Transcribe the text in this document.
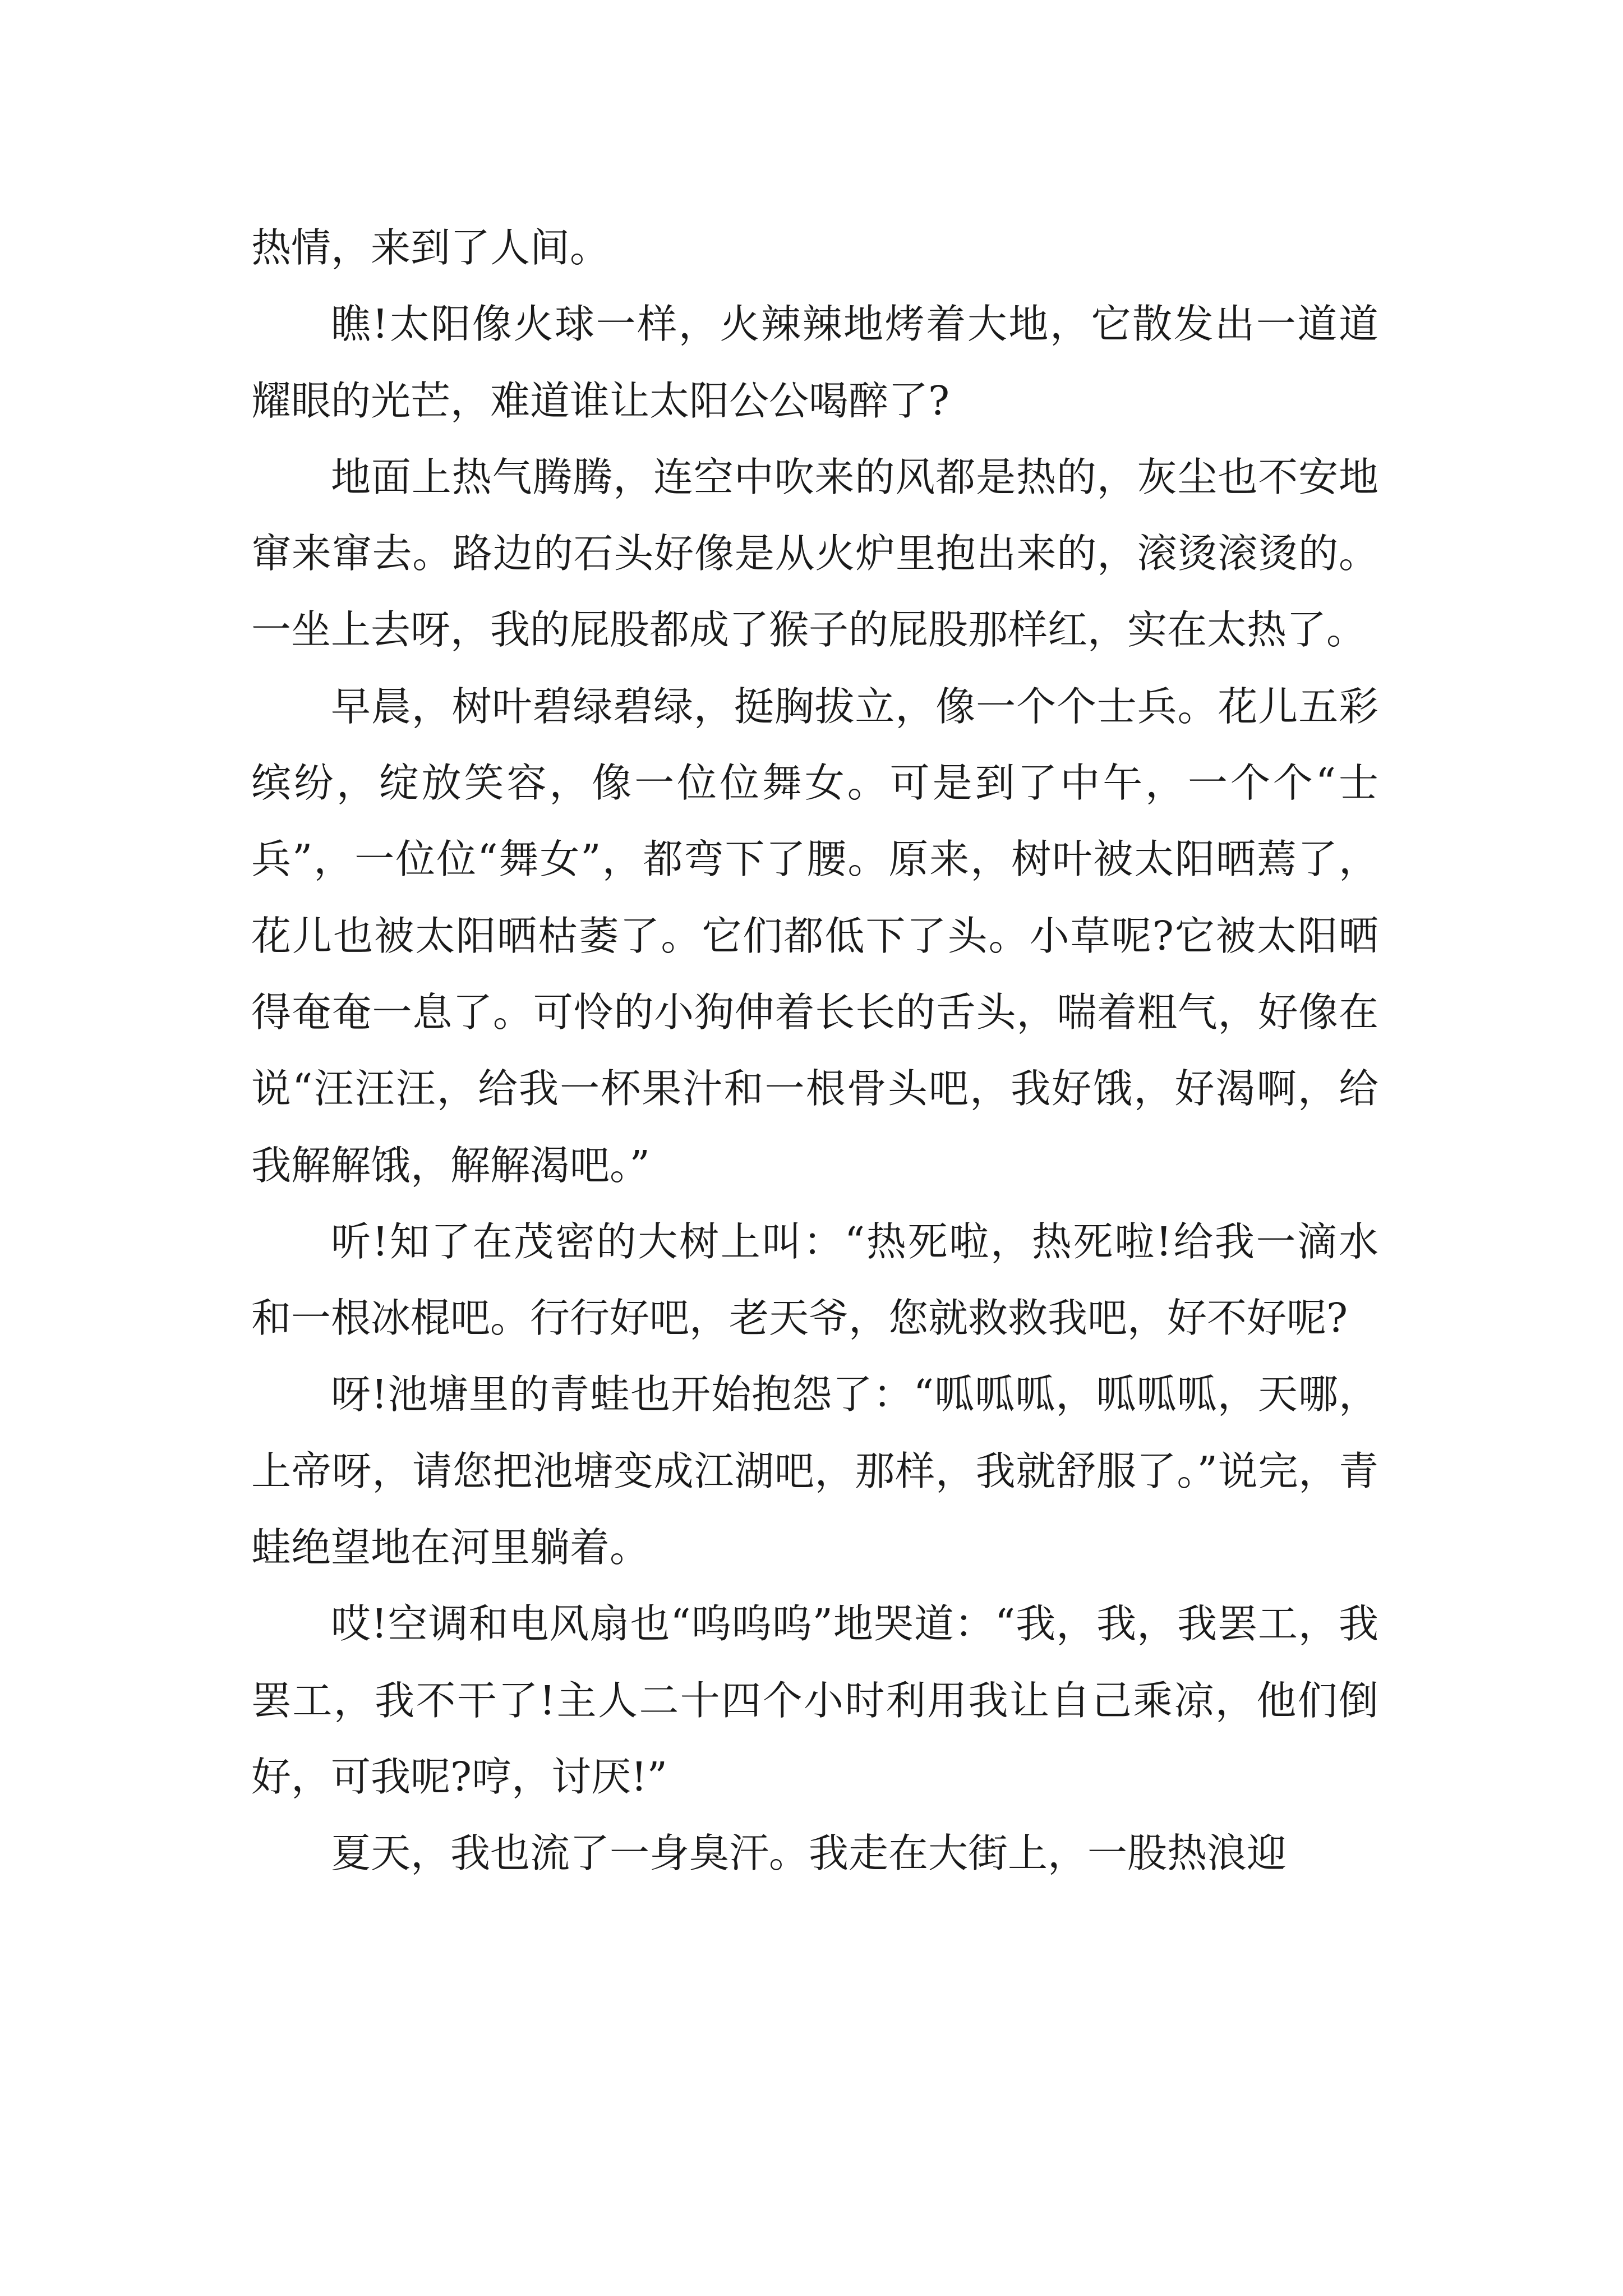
热情，来到了人间。

瞧!太阳像火球一样，火辣辣地烤着大地，它散发出一道道耀眼的光芒，难道谁让太阳公公喝醉了?

地面上热气腾腾，连空中吹来的风都是热的，灰尘也不安地窜来窜去。路边的石头好像是从火炉里抱出来的，滚烫滚烫的。一坐上去呀，我的屁股都成了猴子的屁股那样红，实在太热了。

早晨，树叶碧绿碧绿，挺胸拔立，像一个个士兵。花儿五彩缤纷，绽放笑容，像一位位舞女。可是到了中午，一个个“士兵”，一位位“舞女”，都弯下了腰。原来，树叶被太阳晒蔫了，花儿也被太阳晒枯萎了。它们都低下了头。小草呢?它被太阳晒得奄奄一息了。可怜的小狗伸着长长的舌头，喘着粗气，好像在说“汪汪汪，给我一杯果汁和一根骨头吧，我好饿，好渴啊，给我解解饿，解解渴吧。”

听!知了在茂密的大树上叫：“热死啦，热死啦!给我一滴水和一根冰棍吧。行行好吧，老天爷，您就救救我吧，好不好呢?

呀!池塘里的青蛙也开始抱怨了：“呱呱呱，呱呱呱，天哪，上帝呀，请您把池塘变成江湖吧，那样，我就舒服了。”说完，青蛙绝望地在河里躺着。

哎!空调和电风扇也“呜呜呜”地哭道：“我，我，我罢工，我罢工，我不干了!主人二十四个小时利用我让自己乘凉，他们倒好，可我呢?哼，讨厌!”

夏天，我也流了一身臭汗。我走在大街上，一股热浪迎
